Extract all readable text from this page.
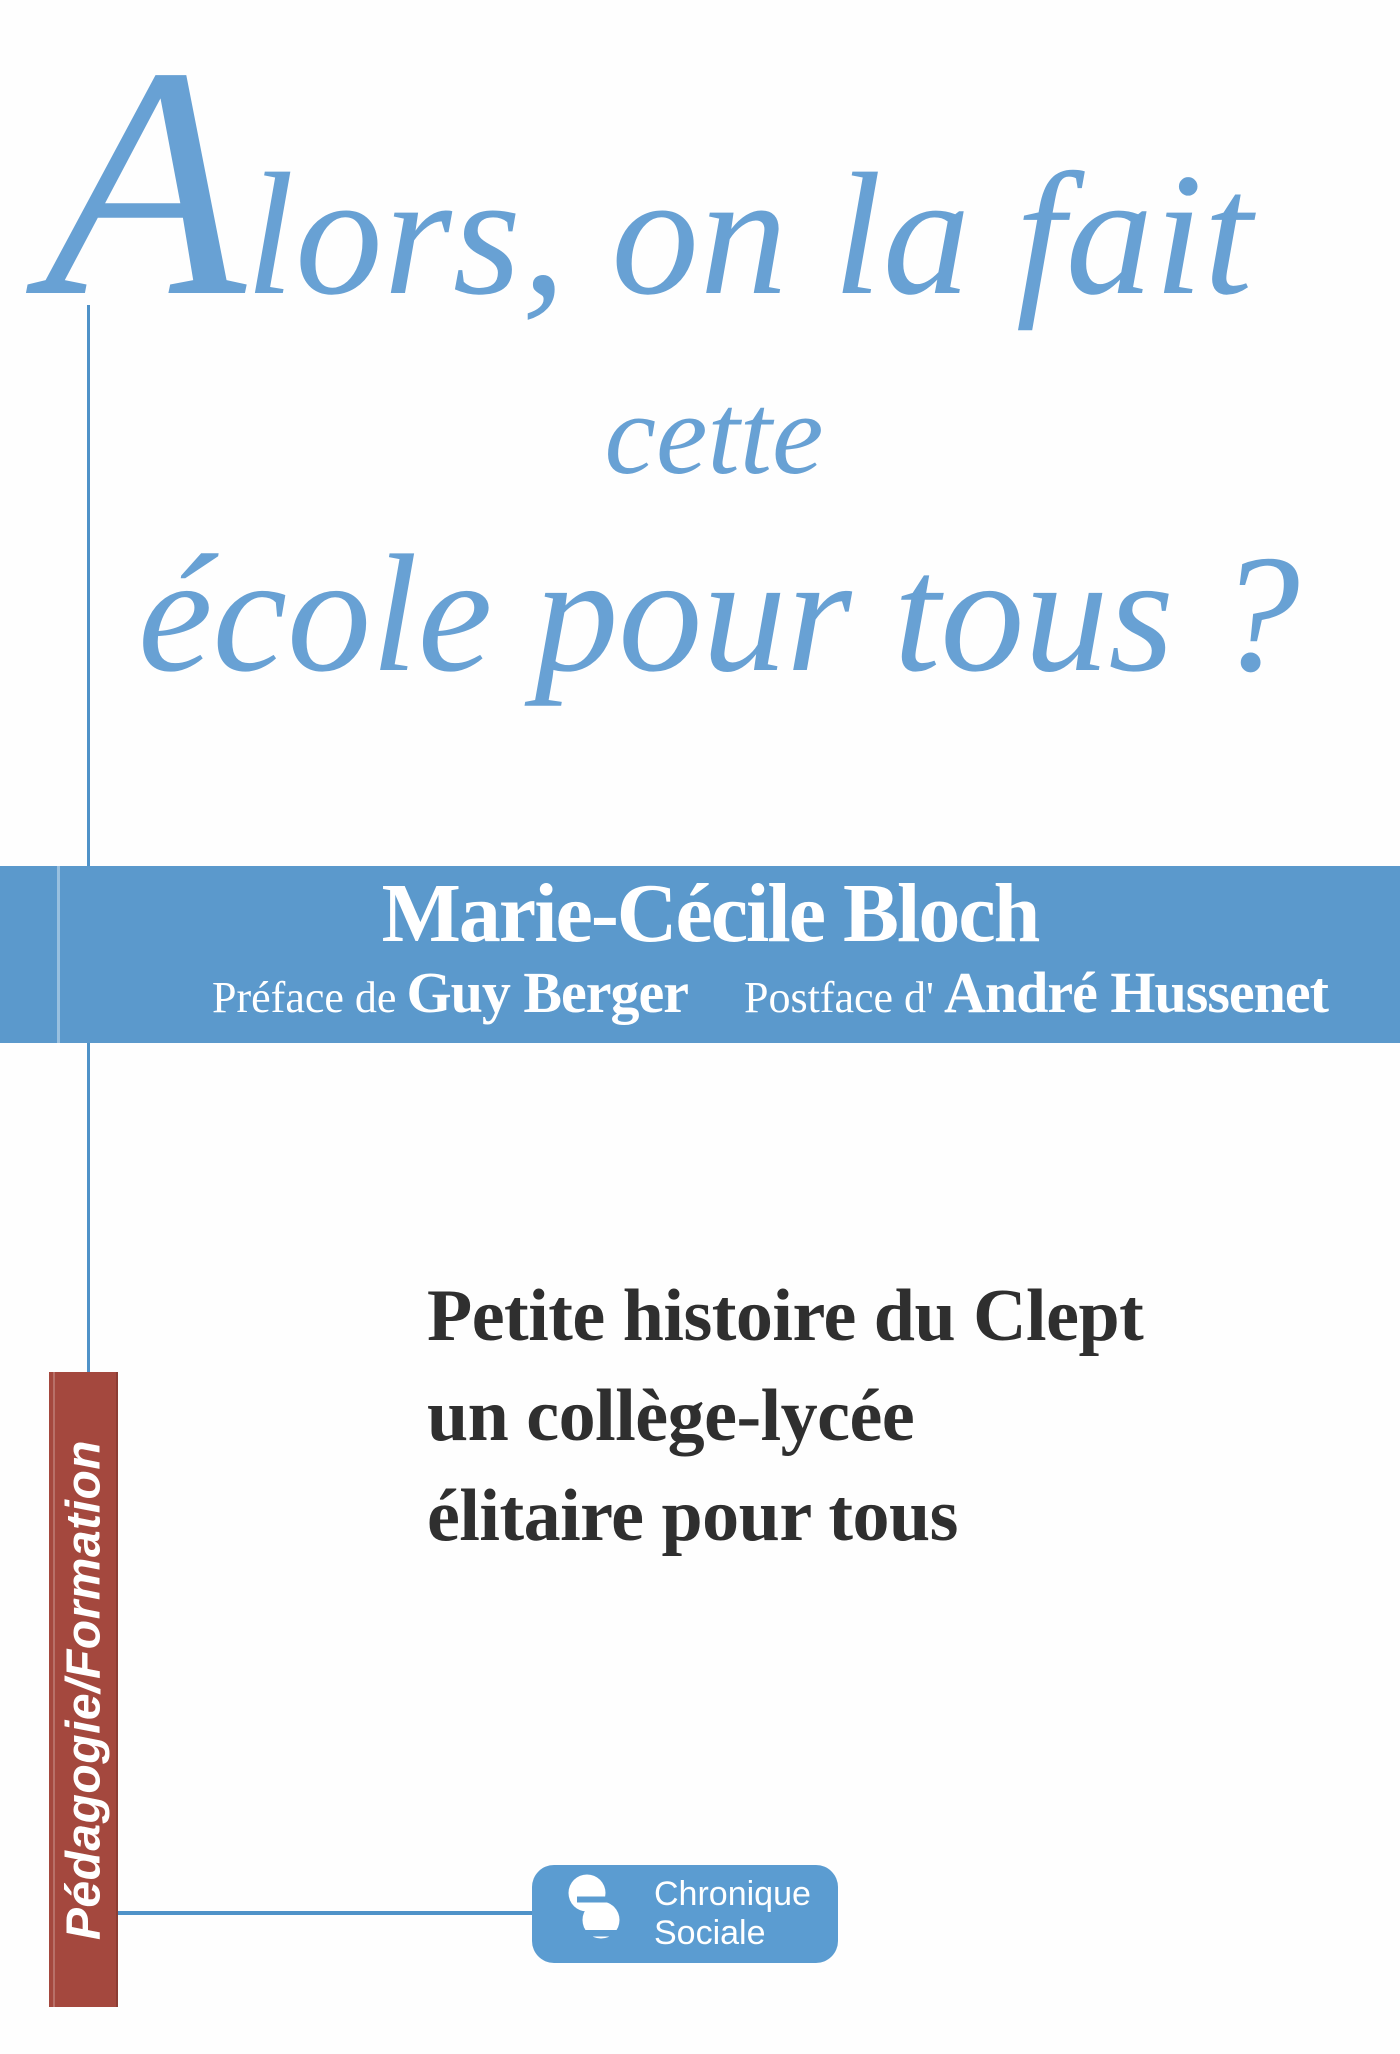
A lors, on la fait
cette
école pour tous ?
Marie-Cécile Bloch
Préface de Guy Berger Postface d' André Hussenet
Petite histoire du Clept
un collège-lycée
élitaire pour tous
Pédagogie/Formation	Chronique
Sociale
